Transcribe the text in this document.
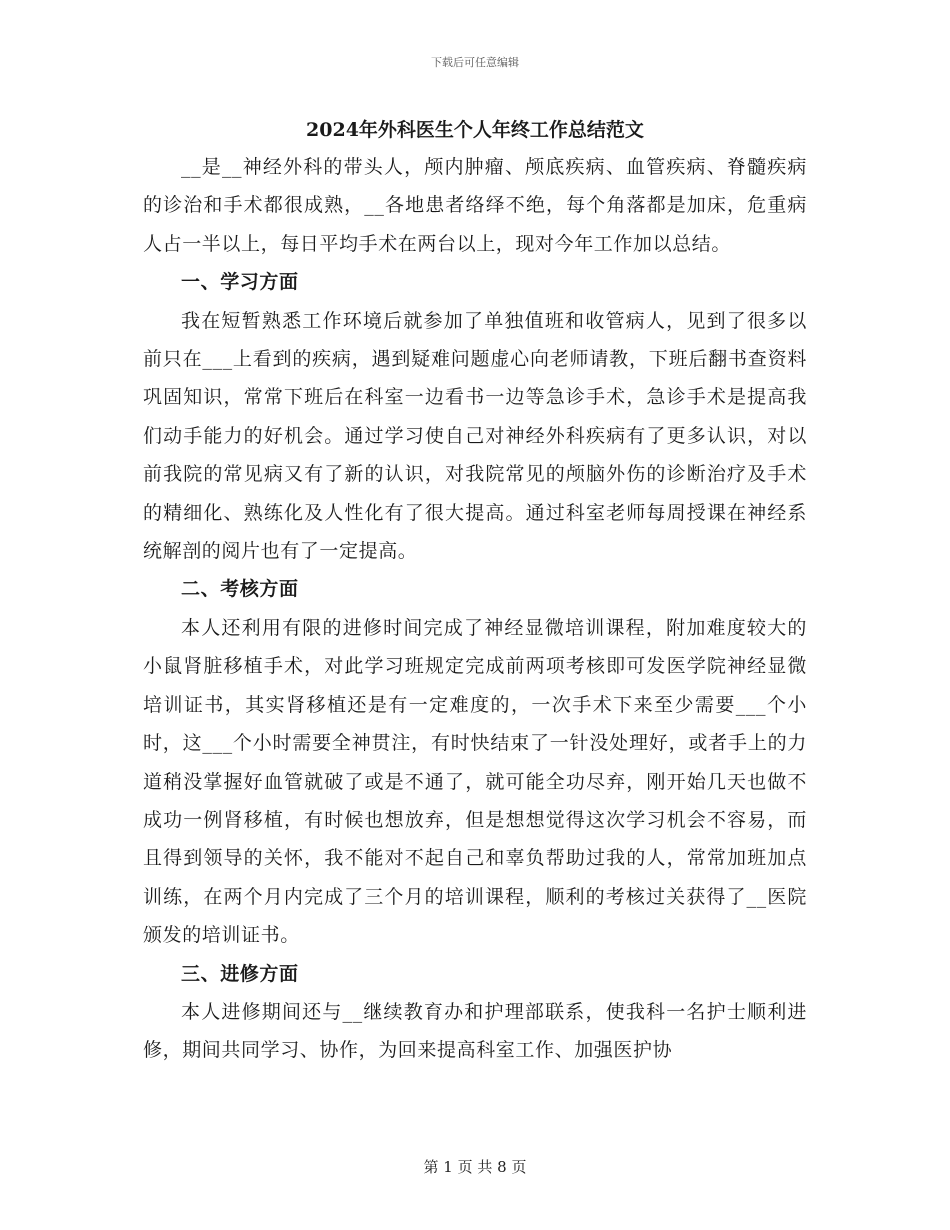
下载后可任意编辑
2024年外科医生个人年终工作总结范文

__是__神经外科的带头人，颅内肿瘤、颅底疾病、血管疾病、脊髓疾病的诊治和手术都很成熟，__各地患者络绎不绝，每个角落都是加床，危重病人占一半以上，每日平均手术在两台以上，现对今年工作加以总结。

一、学习方面

我在短暂熟悉工作环境后就参加了单独值班和收管病人，见到了很多以前只在___上看到的疾病，遇到疑难问题虚心向老师请教，下班后翻书查资料巩固知识，常常下班后在科室一边看书一边等急诊手术，急诊手术是提高我们动手能力的好机会。通过学习使自己对神经外科疾病有了更多认识，对以前我院的常见病又有了新的认识，对我院常见的颅脑外伤的诊断治疗及手术的精细化、熟练化及人性化有了很大提高。通过科室老师每周授课在神经系统解剖的阅片也有了一定提高。

二、考核方面

本人还利用有限的进修时间完成了神经显微培训课程，附加难度较大的小鼠肾脏移植手术，对此学习班规定完成前两项考核即可发医学院神经显微培训证书，其实肾移植还是有一定难度的，一次手术下来至少需要___个小时，这___个小时需要全神贯注，有时快结束了一针没处理好，或者手上的力道稍没掌握好血管就破了或是不通了，就可能全功尽弃，刚开始几天也做不成功一例肾移植，有时候也想放弃，但是想想觉得这次学习机会不容易，而且得到领导的关怀，我不能对不起自己和辜负帮助过我的人，常常加班加点训练，在两个月内完成了三个月的培训课程，顺利的考核过关获得了__医院颁发的培训证书。

三、进修方面

本人进修期间还与__继续教育办和护理部联系，使我科一名护士顺利进修，期间共同学习、协作，为回来提高科室工作、加强医护协

第 1 页 共 8 页
